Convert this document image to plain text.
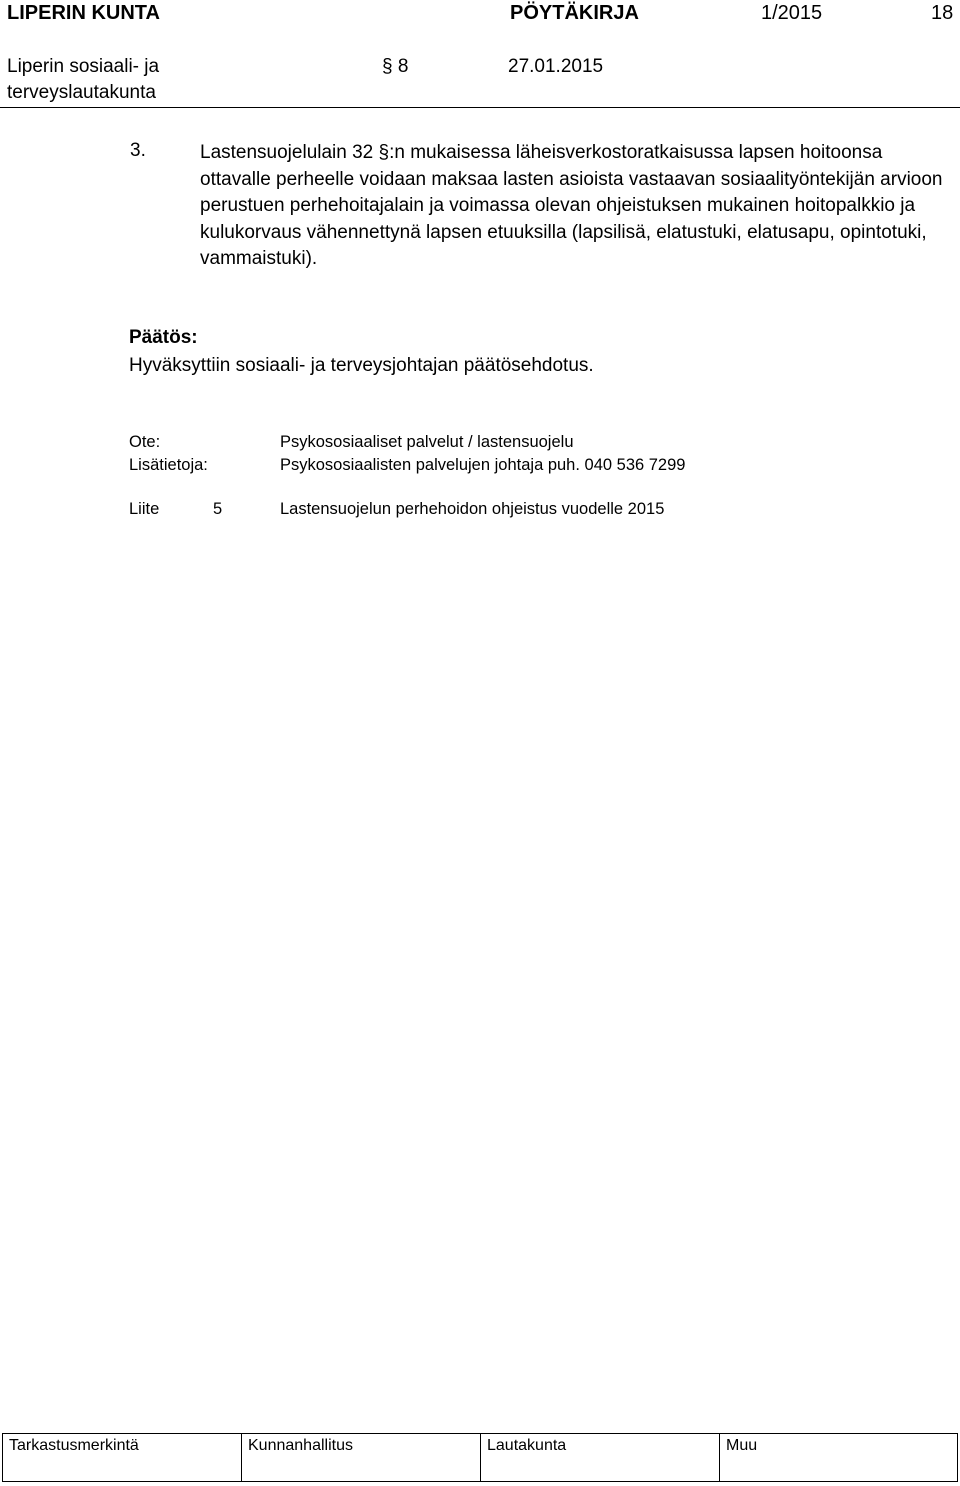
LIPERIN KUNTA	PÖYTÄKIRJA	1/2015	18
Liperin sosiaali- ja
terveyslautakunta
§ 8	27.01.2015
3.	Lastensuojelulain 32 §:n mukaisessa läheisverkostoratkaisussa lapsen hoitoonsa ottavalle perheelle voidaan maksaa lasten asioista vastaavan sosiaalityöntekijän arvioon perustuen perhehoitajalain ja voimassa olevan ohjeistuksen mukainen hoitopalkkio ja kulukorvaus vähennettynä lapsen etuuksilla (lapsilisä, elatustuki, elatusapu, opintotuki, vammaistuki).
Päätös:
Hyväksyttiin sosiaali- ja terveysjohtajan päätösehdotus.
Ote:	Psykososiaaliset palvelut / lastensuojelu
Lisätietoja:	Psykososiaalisten palvelujen johtaja puh. 040 536 7299
Liite	5	Lastensuojelun perhehoidon ohjeistus vuodelle 2015
Tarkastusmerkintä	Kunnanhallitus	Lautakunta	Muu
